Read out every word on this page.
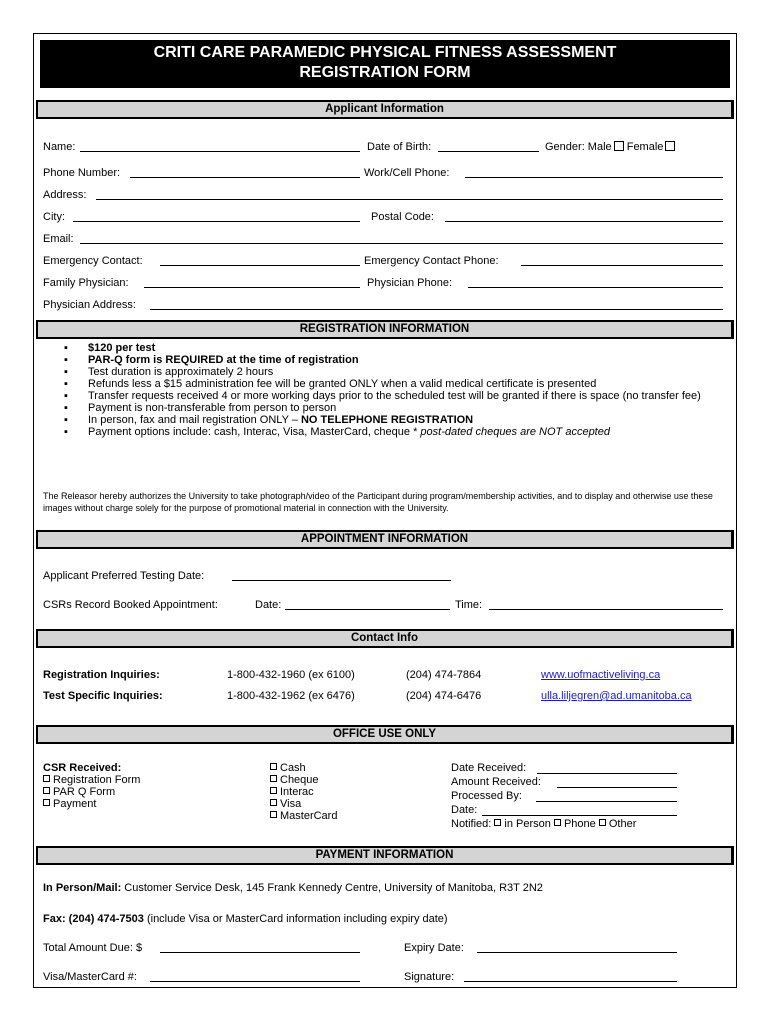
CRITI CARE PARAMEDIC PHYSICAL FITNESS ASSESSMENT
REGISTRATION FORM
Applicant Information
Name:	Date of Birth:	Gender: Male Female
Phone Number:	Work/Cell Phone:
Address:
City:	Postal Code:
Email:
Emergency Contact:	Emergency Contact Phone:
Family Physician:	Physician Phone:
Physician Address:
REGISTRATION INFORMATION
▪ $120 per test
▪ PAR-Q form is REQUIRED at the time of registration
▪ Test duration is approximately 2 hours
▪ Refunds less a $15 administration fee will be granted ONLY when a valid medical certificate is presented
▪ Transfer requests received 4 or more working days prior to the scheduled test will be granted if there is space (no transfer fee)
▪ Payment is non-transferable from person to person
▪ In person, fax and mail registration ONLY – NO TELEPHONE REGISTRATION
▪ Payment options include: cash, Interac, Visa, MasterCard, cheque * post-dated cheques are NOT accepted
The Releasor hereby authorizes the University to take photograph/video of the Participant during program/membership activities, and to display and otherwise use these images without charge solely for the purpose of promotional material in connection with the University.
APPOINTMENT INFORMATION
Applicant Preferred Testing Date:
CSRs Record Booked Appointment:	Date:	Time:
Contact Info
Registration Inquiries:	1-800-432-1960 (ex 6100)	(204) 474-7864	www.uofmactiveliving.ca
Test Specific Inquiries:	1-800-432-1962 (ex 6476)	(204) 474-6476	ulla.liljegren@ad.umanitoba.ca
OFFICE USE ONLY
CSR Received:
Registration Form
PAR Q Form
Payment
Cash
Cheque
Interac
Visa
MasterCard
Date Received:
Amount Received:
Processed By:
Date:
Notified: in Person Phone Other
PAYMENT INFORMATION
In Person/Mail: Customer Service Desk, 145 Frank Kennedy Centre, University of Manitoba, R3T 2N2
Fax: (204) 474-7503 (include Visa or MasterCard information including expiry date)
Total Amount Due: $	Expiry Date:
Visa/MasterCard #:	Signature:
